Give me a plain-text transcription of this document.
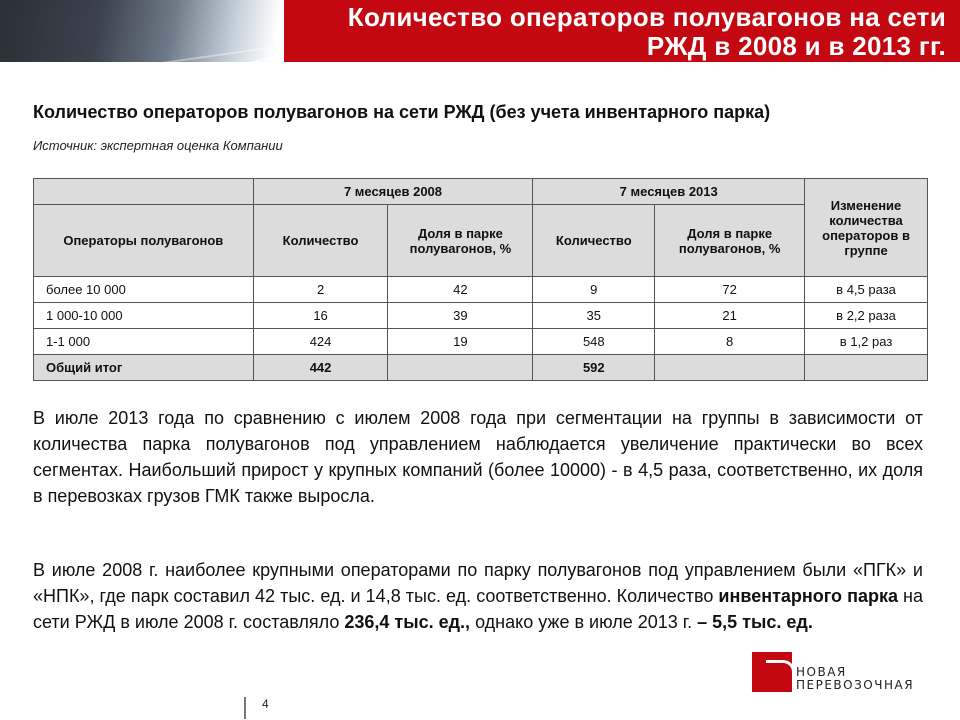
Количество операторов полувагонов на сети
РЖД в 2008 и в 2013 гг.
Количество операторов полувагонов на сети РЖД (без учета инвентарного парка)
Источник: экспертная оценка Компании
	7 месяцев 2008		7 месяцев 2013		Изменение количества операторов в группе
Операторы полувагонов	Количество	Доля в парке полувагонов, %	Количество	Доля в парке полувагонов, %	
более 10 000	2	42	9	72	в 4,5 раза
1 000-10 000	16	39	35	21	в 2,2 раза
1-1 000	424	19	548	8	в 1,2 раз
Общий итог	442		592		
В июле 2013 года по сравнению с июлем 2008 года при сегментации на группы в зависимости от количества парка полувагонов под управлением наблюдается увеличение практически во всех сегментах. Наибольший прирост у крупных компаний (более 10000) - в 4,5 раза, соответственно, их доля в перевозках грузов ГМК также выросла.
В июле 2008 г. наиболее крупными операторами по парку полувагонов под управлением были «ПГК» и «НПК», где парк составил 42 тыс. ед. и 14,8 тыс. ед. соответственно. Количество инвентарного парка на сети РЖД в июле 2008 г. составляло 236,4 тыс. ед., однако уже в июле 2013 г. – 5,5 тыс. ед.
4
НОВАЯ
ПЕРЕВОЗОЧНАЯ
